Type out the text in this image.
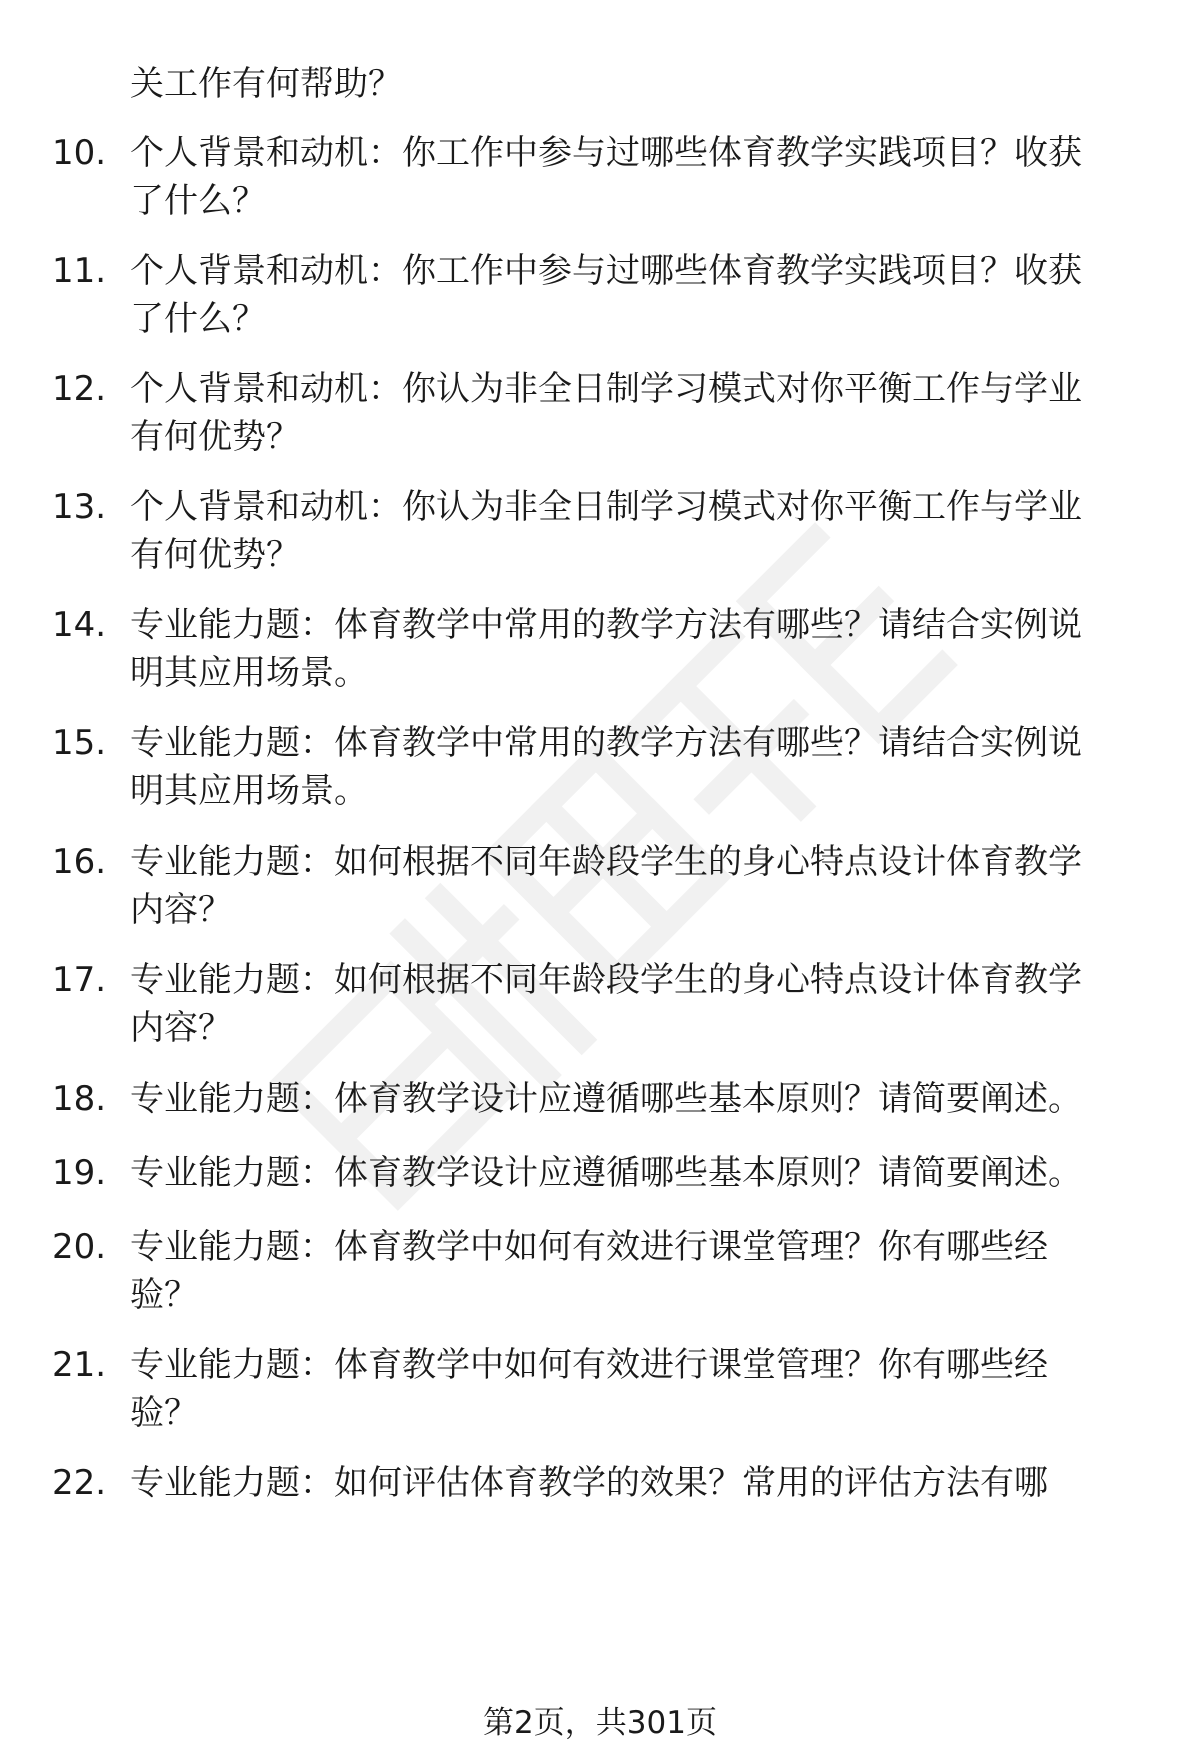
关工作有何帮助？
10. 个人背景和动机：你工作中参与过哪些体育教学实践项目？收获
了什么？
11. 个人背景和动机：你工作中参与过哪些体育教学实践项目？收获
了什么？
12. 个人背景和动机：你认为非全日制学习模式对你平衡工作与学业
有何优势？
13. 个人背景和动机：你认为非全日制学习模式对你平衡工作与学业
有何优势？
14. 专业能力题：体育教学中常用的教学方法有哪些？请结合实例说
明其应用场景。
15. 专业能力题：体育教学中常用的教学方法有哪些？请结合实例说
明其应用场景。
16. 专业能力题：如何根据不同年龄段学生的身心特点设计体育教学
内容？
17. 专业能力题：如何根据不同年龄段学生的身心特点设计体育教学
内容？
18. 专业能力题：体育教学设计应遵循哪些基本原则？请简要阐述。
19. 专业能力题：体育教学设计应遵循哪些基本原则？请简要阐述。
20. 专业能力题：体育教学中如何有效进行课堂管理？你有哪些经
验？
21. 专业能力题：体育教学中如何有效进行课堂管理？你有哪些经
验？
22. 专业能力题：如何评估体育教学的效果？常用的评估方法有哪
第2页，共301页
